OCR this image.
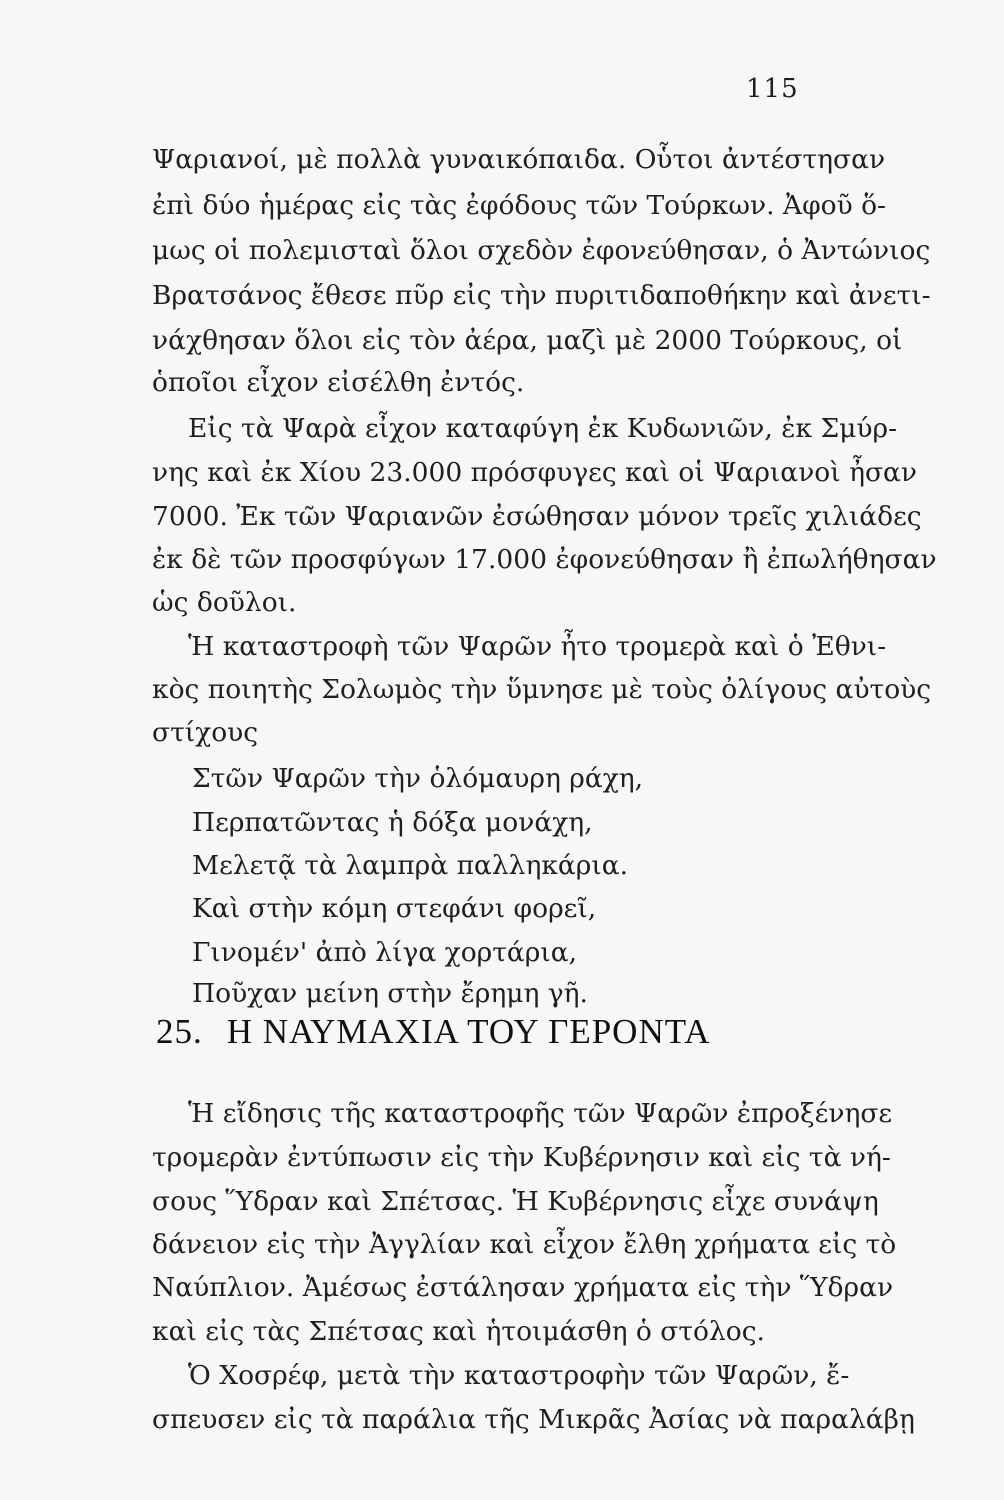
115
Ψαριανοί, μὲ πολλὰ γυναικόπαιδα. Οὗτοι ἀντέστησαν
ἐπὶ δύο ἡμέρας εἰς τὰς ἐφόδους τῶν Τούρκων. Ἀφοῦ ὅ-
μως οἱ πολεμισταὶ ὅλοι σχεδὸν ἐφονεύθησαν, ὁ Ἀντώνιος
Βρατσάνος ἔθεσε πῦρ εἰς τὴν πυριτιδαποθήκην καὶ ἀνετι-
νάχθησαν ὅλοι εἰς τὸν ἀέρα, μαζὶ μὲ 2000 Τούρκους, οἱ
ὁποῖοι εἶχον εἰσέλθη ἐντός.
Εἰς τὰ Ψαρὰ εἶχον καταφύγη ἐκ Κυδωνιῶν, ἐκ Σμύρ-
νης καὶ ἐκ Χίου 23.000 πρόσφυγες καὶ οἱ Ψαριανοὶ ἦσαν
7000. Ἐκ τῶν Ψαριανῶν ἐσώθησαν μόνον τρεῖς χιλιάδες
ἐκ δὲ τῶν προσφύγων 17.000 ἐφονεύθησαν ἢ ἐπωλήθησαν
ὡς δοῦλοι.
Ἡ καταστροφὴ τῶν Ψαρῶν ἦτο τρομερὰ καὶ ὁ Ἐθνι-
κὸς ποιητὴς Σολωμὸς τὴν ὕμνησε μὲ τοὺς ὀλίγους αὐτοὺς
στίχους
Στῶν Ψαρῶν τὴν ὁλόμαυρη ράχη,
Περπατῶντας ἡ δόξα μονάχη,
Μελετᾷ τὰ λαμπρὰ παλληκάρια.
Καὶ στὴν κόμη στεφάνι φορεῖ,
Γινομέν' ἀπὸ λίγα χορτάρια,
Ποῦχαν μείνη στὴν ἔρημη γῆ.
25. Η ΝΑΥΜΑΧΙΑ ΤΟΥ ΓΕΡΟΝΤΑ
Ἡ εἴδησις τῆς καταστροφῆς τῶν Ψαρῶν ἐπροξένησε
τρομερὰν ἐντύπωσιν εἰς τὴν Κυβέρνησιν καὶ εἰς τὰ νή-
σους Ὕδραν καὶ Σπέτσας. Ἡ Κυβέρνησις εἶχε συνάψη
δάνειον εἰς τὴν Ἀγγλίαν καὶ εἶχον ἔλθη χρήματα εἰς τὸ
Ναύπλιον. Ἀμέσως ἐστάλησαν χρήματα εἰς τὴν Ὕδραν
καὶ εἰς τὰς Σπέτσας καὶ ἡτοιμάσθη ὁ στόλος.
Ὁ Χοσρέφ, μετὰ τὴν καταστροφὴν τῶν Ψαρῶν, ἔ-
σπευσεν εἰς τὰ παράλια τῆς Μικρᾶς Ἀσίας νὰ παραλάβῃ
